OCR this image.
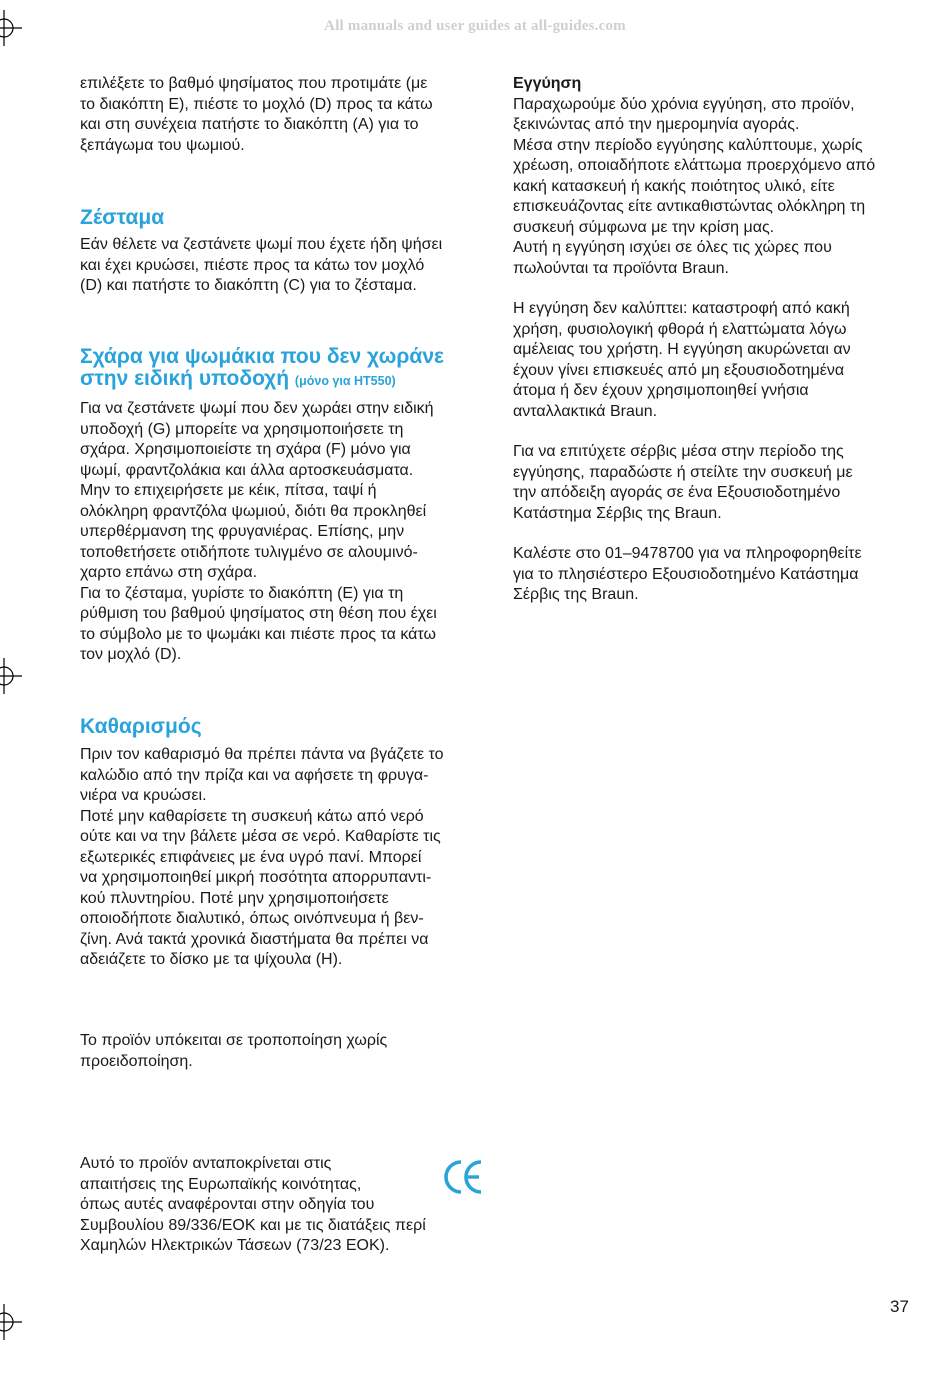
All manuals and user guides at all-guides.com

επιλέξετε το βαθμό ψησίματος που προτιμάτε (με
το διακόπτη E), πιέστε το μοχλό (D) προς τα κάτω
και στη συνέχεια πατήστε το διακόπτη (A) για το
ξεπάγωμα του ψωμιού.

Ζέσταμα

Εάν θέλετε να ζεστάνετε ψωμί που έχετε ήδη ψήσει
και έχει κρυώσει, πιέστε προς τα κάτω τον μοχλό
(D) και πατήστε το διακόπτη (C) για το ζέσταμα.

Σχάρα για ψωμάκια που δεν χωράνε
στην ειδική υποδοχή (μόνο για HT550)

Για να ζεστάνετε ψωμί που δεν χωράει στην ειδική
υποδοχή (G) μπορείτε να χρησιμοποιήσετε τη
σχάρα. Χρησιμοποιείστε τη σχάρα (F) μόνο για
ψωμί, φραντζολάκια και άλλα αρτοσκευάσματα.
Μην το επιχειρήσετε με κέικ, πίτσα, ταψί ή
ολόκληρη φραντζόλα ψωμιού, διότι θα προκληθεί
υπερθέρμανση της φρυγανιέρας. Επίσης, μην
τοποθετήσετε οτιδήποτε τυλιγμένο σε αλουμινό-
χαρτο επάνω στη σχάρα.
Για το ζέσταμα, γυρίστε το διακόπτη (E) για τη
ρύθμιση του βαθμού ψησίματος στη θέση που έχει
το σύμβολο με το ψωμάκι και πιέστε προς τα κάτω
τον μοχλό (D).

Καθαρισμός

Πριν τον καθαρισμό θα πρέπει πάντα να βγάζετε το
καλώδιο από την πρίζα και να αφήσετε τη φρυγα-
νιέρα να κρυώσει.
Ποτέ μην καθαρίσετε τη συσκευή κάτω από νερό
ούτε και να την βάλετε μέσα σε νερό. Καθαρίστε τις
εξωτερικές επιφάνειες με ένα υγρό πανί. Μπορεί
να χρησιμοποιηθεί μικρή ποσότητα απορρυπαντι-
κού πλυντηρίου. Ποτέ μην χρησιμοποιήσετε
οποιοδήποτε διαλυτικό, όπως οινόπνευμα ή βεν-
ζίνη. Ανά τακτά χρονικά διαστήματα θα πρέπει να
αδειάζετε το δίσκο με τα ψίχουλα (H).

Το προϊόν υπόκειται σε τροποποίηση χωρίς
προειδοποίηση.

Αυτό το προϊόν ανταποκρίνεται στις
απαιτήσεις της Ευρωπαϊκής κοινότητας,
όπως αυτές αναφέρονται στην οδηγία του
Συμβουλίου 89/336/ΕΟΚ και με τις διατάξεις περί
Χαμηλών Ηλεκτρικών Τάσεων (73/23 ΕΟΚ).

Εγγύηση

Παραχωρούμε δύο χρόνια εγγύηση, στο προϊόν,
ξεκινώντας από την ημερομηνία αγοράς.
Μέσα στην περίοδο εγγύησης καλύπτουμε, χωρίς
χρέωση, οποιαδήποτε ελάττωμα προερχόμενο από
κακή κατασκευή ή κακής ποιότητος υλικό, είτε
επισκευάζοντας είτε αντικαθιστώντας ολόκληρη τη
συσκευή σύμφωνα με την κρίση μας.
Αυτή η εγγύηση ισχύει σε όλες τις χώρες που
πωλούνται τα προϊόντα Braun.

Η εγγύηση δεν καλύπτει: καταστροφή από κακή
χρήση, φυσιολογική φθορά ή ελαττώματα λόγω
αμέλειας του χρήστη. Η εγγύηση ακυρώνεται αν
έχουν γίνει επισκευές από μη εξουσιοδοτημένα
άτομα ή δεν έχουν χρησιμοποιηθεί γνήσια
ανταλλακτικά Braun.

Για να επιτύχετε σέρβις μέσα στην περίοδο της
εγγύησης, παραδώστε ή στείλτε την συσκευή με
την απόδειξη αγοράς σε ένα Εξουσιοδοτημένο
Κατάστημα Σέρβις της Braun.

Καλέστε στο 01–9478700 για να πληροφορηθείτε
για το πλησιέστερο Εξουσιοδοτημένο Κατάστημα
Σέρβις της Braun.

37
